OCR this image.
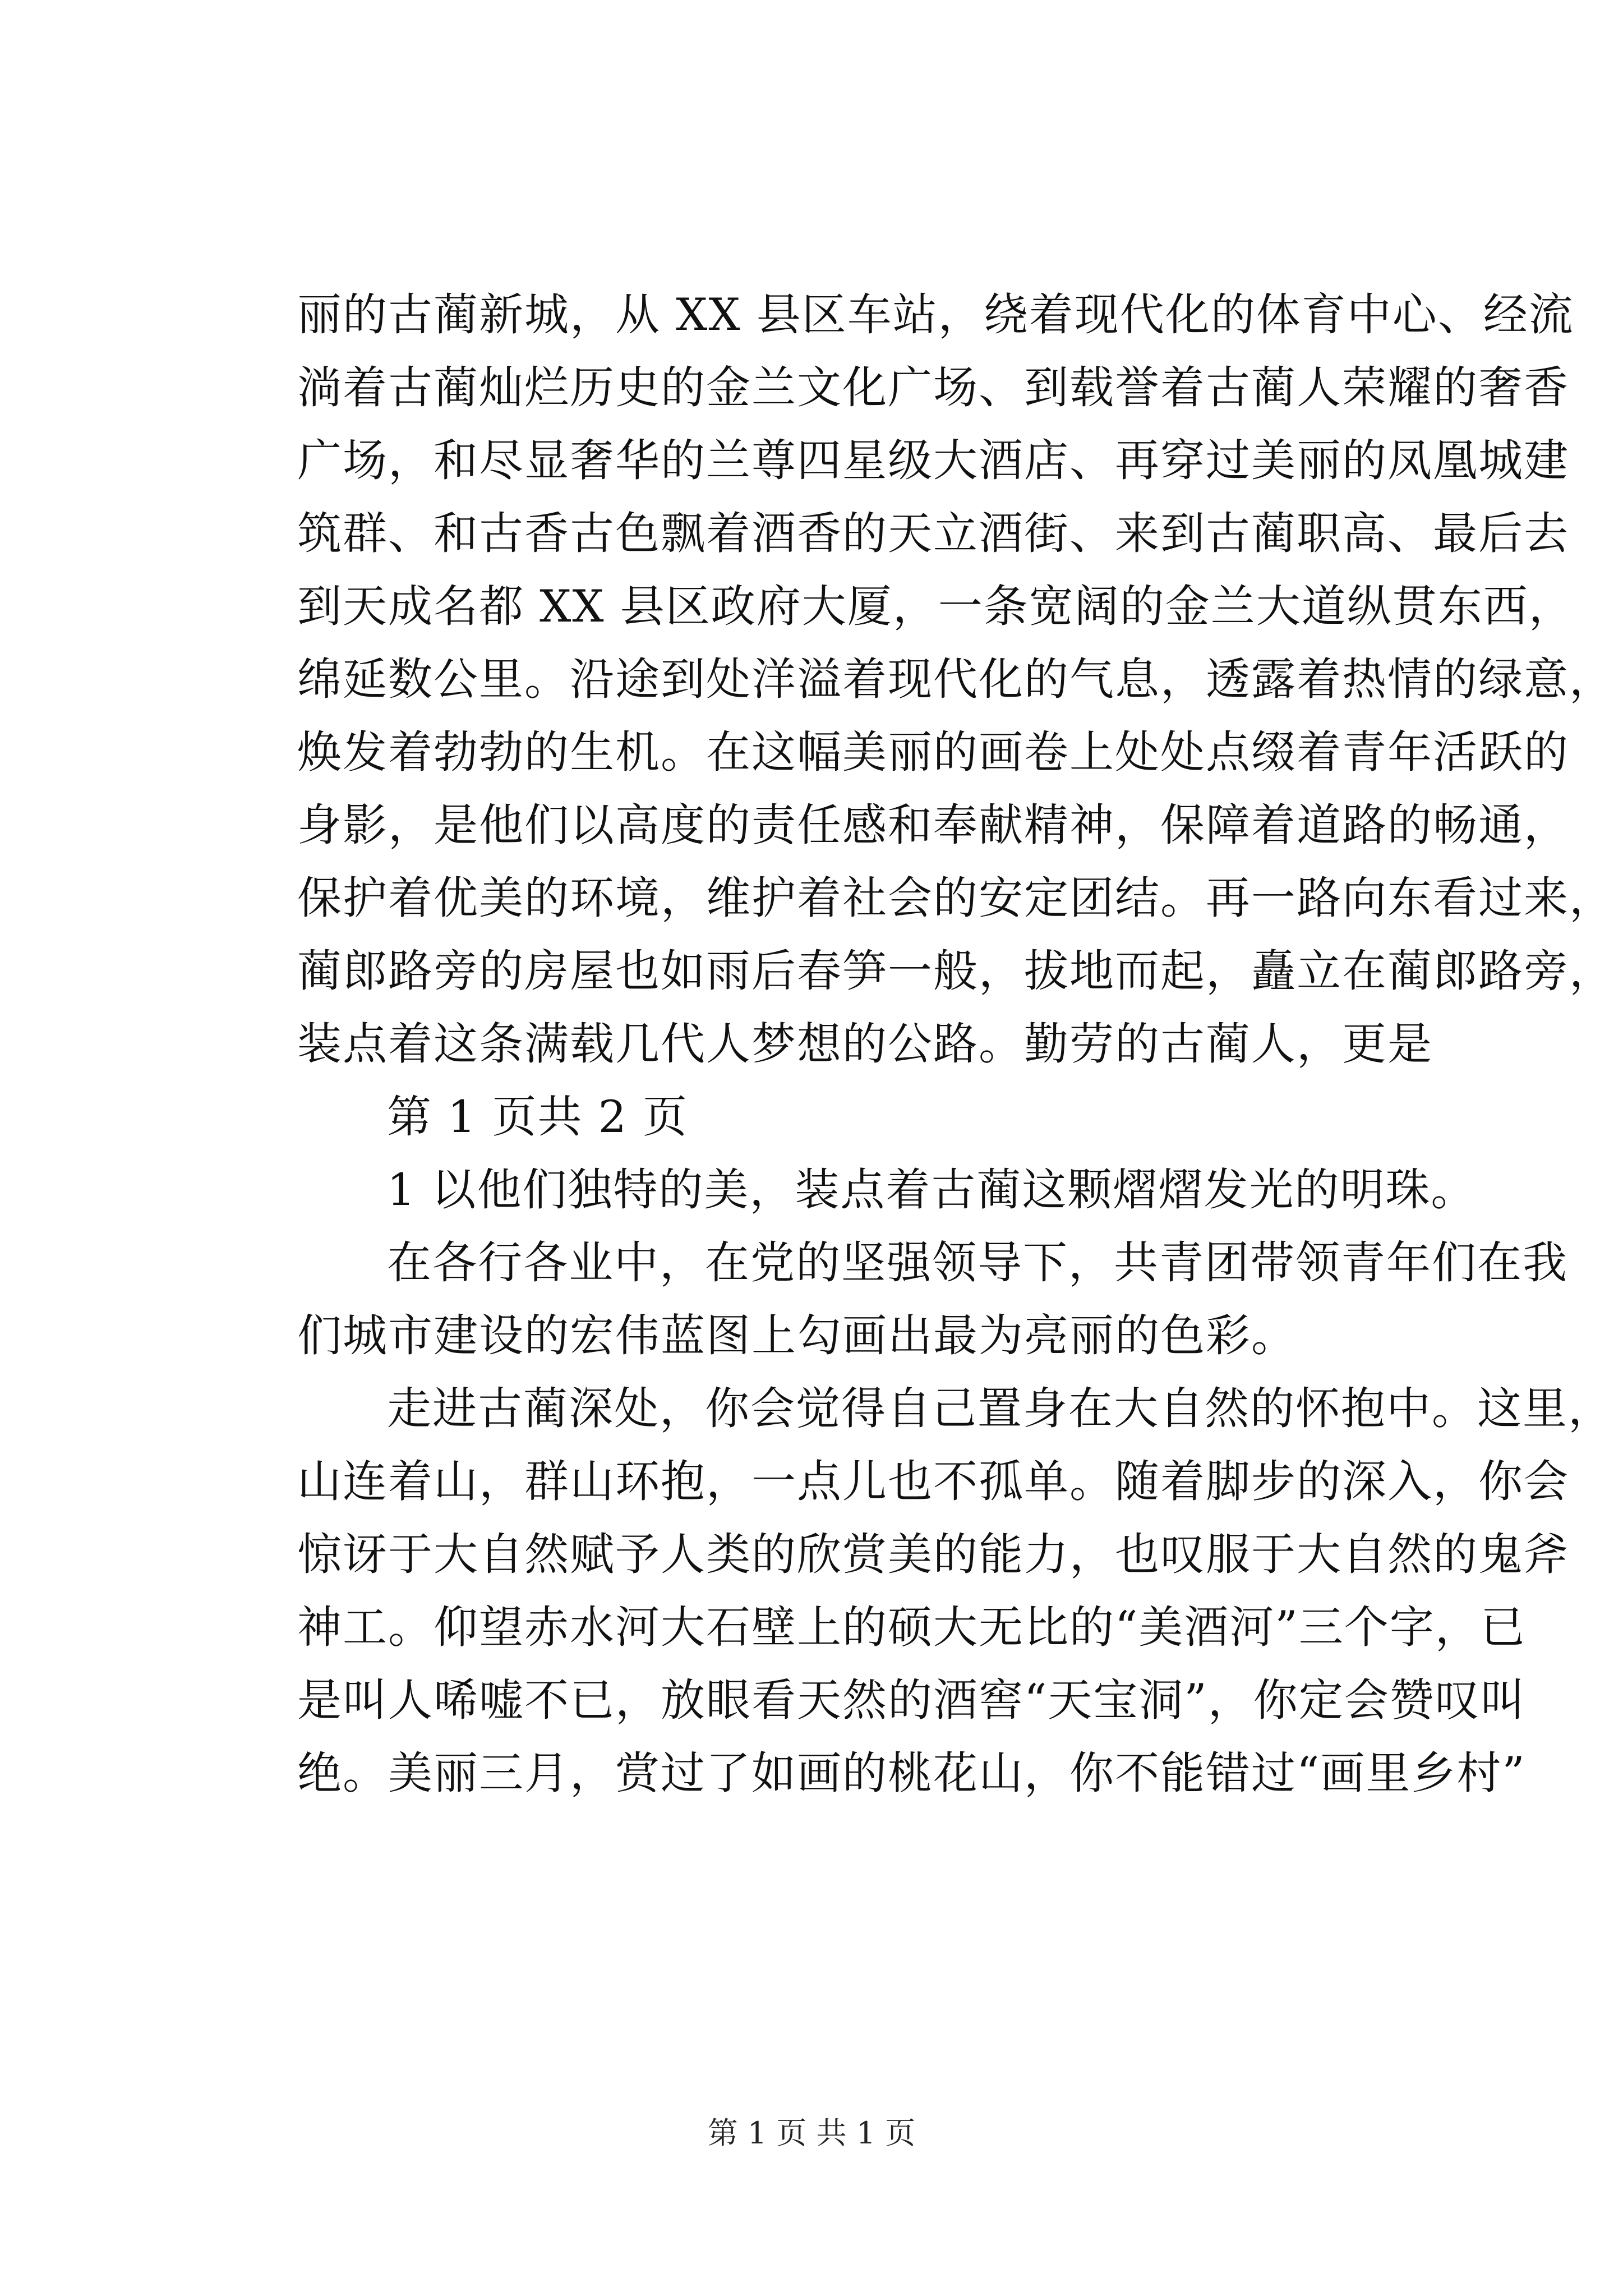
丽的古蔺新城，从 XX 县区车站，绕着现代化的体育中心、经流
淌着古蔺灿烂历史的金兰文化广场、到载誉着古蔺人荣耀的奢香
广场，和尽显奢华的兰尊四星级大酒店、再穿过美丽的凤凰城建
筑群、和古香古色飘着酒香的天立酒街、来到古蔺职高、最后去
到天成名都 XX 县区政府大厦，一条宽阔的金兰大道纵贯东西，
绵延数公里。沿途到处洋溢着现代化的气息，透露着热情的绿意，
焕发着勃勃的生机。在这幅美丽的画卷上处处点缀着青年活跃的
身影，是他们以高度的责任感和奉献精神，保障着道路的畅通，
保护着优美的环境，维护着社会的安定团结。再一路向东看过来，
蔺郎路旁的房屋也如雨后春笋一般，拔地而起，矗立在蔺郎路旁，
装点着这条满载几代人梦想的公路。勤劳的古蔺人，更是
第 1 页共 2 页
1 以他们独特的美，装点着古蔺这颗熠熠发光的明珠。
在各行各业中，在党的坚强领导下，共青团带领青年们在我
们城市建设的宏伟蓝图上勾画出最为亮丽的色彩。
走进古蔺深处，你会觉得自己置身在大自然的怀抱中。这里，
山连着山，群山环抱，一点儿也不孤单。随着脚步的深入，你会
惊讶于大自然赋予人类的欣赏美的能力，也叹服于大自然的鬼斧
神工。仰望赤水河大石壁上的硕大无比的“美酒河”三个字，已
是叫人唏嘘不已，放眼看天然的酒窖“天宝洞”，你定会赞叹叫
绝。美丽三月，赏过了如画的桃花山，你不能错过“画里乡村”
第 1 页 共 1 页
